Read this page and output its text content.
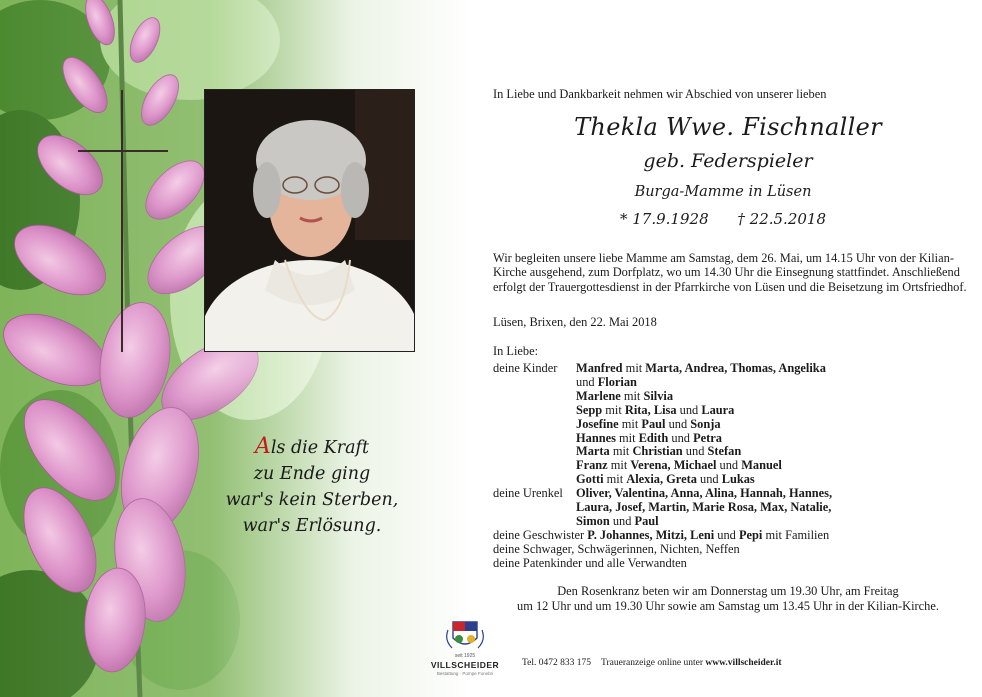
Als die Kraft
zu Ende ging
war's kein Sterben,
war's Erlösung.
In Liebe und Dankbarkeit nehmen wir Abschied von unserer lieben
Thekla Wwe. Fischnaller
geb. Federspieler
Burga-Mamme in Lüsen
* 17.9.1928 † 22.5.2018
Wir begleiten unsere liebe Mamme am Samstag, dem 26. Mai, um 14.15 Uhr von der Kilian-Kirche ausgehend, zum Dorfplatz, wo um 14.30 Uhr die Einsegnung stattfindet. Anschließend erfolgt der Trauergottesdienst in der Pfarrkirche von Lüsen und die Beisetzung im Ortsfriedhof.
Lüsen, Brixen, den 22. Mai 2018
In Liebe:
deine Kinder	Manfred mit Marta, Andrea, Thomas, Angelika
und Florian
Marlene mit Silvia
Sepp mit Rita, Lisa und Laura
Josefine mit Paul und Sonja
Hannes mit Edith und Petra
Marta mit Christian und Stefan
Franz mit Verena, Michael und Manuel
Gotti mit Alexia, Greta und Lukas
deine Urenkel	Oliver, Valentina, Anna, Alina, Hannah, Hannes,
Laura, Josef, Martin, Marie Rosa, Max, Natalie,
Simon und Paul
deine Geschwister P. Johannes, Mitzi, Leni und Pepi mit Familien
deine Schwager, Schwägerinnen, Nichten, Neffen
deine Patenkinder und alle Verwandten
Den Rosenkranz beten wir am Donnerstag um 19.30 Uhr, am Freitag
um 12 Uhr und um 19.30 Uhr sowie am Samstag um 13.45 Uhr in der Kilian-Kirche.
seit 1925
VILLSCHEIDER
Bestattung · Pompe Funebri
Tel. 0472 833 175 Traueranzeige online unter www.villscheider.it
